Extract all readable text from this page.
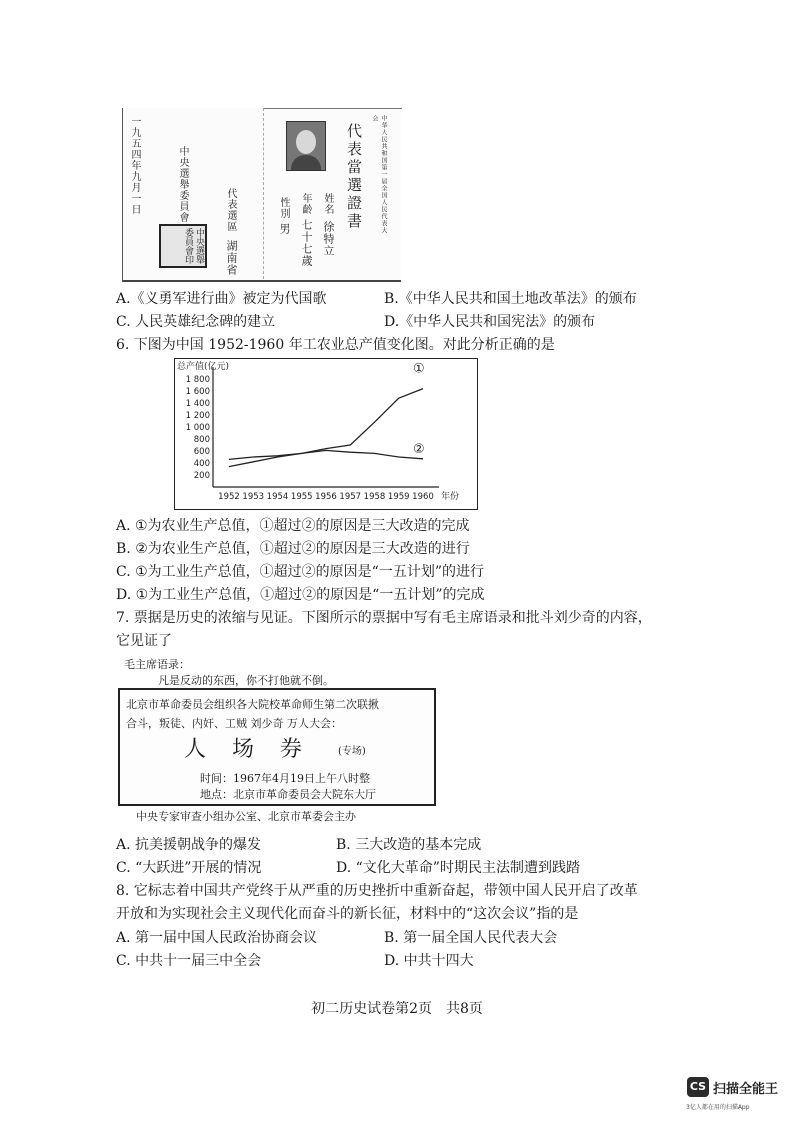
一九五四年九月一日	中央選舉委員會	代表選區
湖南省
中央選舉委員會印
代表當選證書	中华人民共和国第一届全国人民代表大会
姓名
徐特立
年齡
七十七歲
性別
男
A.《义勇军进行曲》被定为代国歌	B.《中华人民共和国土地改革法》的颁布
C. 人民英雄纪念碑的建立	D.《中华人民共和国宪法》的颁布
6. 下图为中国 1952-1960 年工农业总产值变化图。对此分析正确的是
总产值(亿元)
1 800
1 600
1 400
1 200
1 000
800
600
400
200
1952 1953 1954 1955 1956 1957 1958 1959 1960 年份
①
②
A. ①为农业生产总值，①超过②的原因是三大改造的完成
B. ②为农业生产总值，①超过②的原因是三大改造的进行
C. ①为工业生产总值，①超过②的原因是“一五计划”的进行
D. ①为工业生产总值，①超过②的原因是“一五计划”的完成
7. 票据是历史的浓缩与见证。下图所示的票据中写有毛主席语录和批斗刘少奇的内容，
它见证了
毛主席语录：
凡是反动的东西，你不打他就不倒。
北京市革命委员会组织各大院校革命师生第二次联揪
合斗，叛徒、内奸、工贼 刘少奇 万人大会：
人　场　券	(专场)
时间：1967年4月19日上午八时整
地点：北京市革命委员会大院东大厅
中央专家审查小组办公室、北京市革委会主办
A. 抗美援朝战争的爆发	B. 三大改造的基本完成
C. “大跃进”开展的情况	D. “文化大革命”时期民主法制遭到践踏
8. 它标志着中国共产党终于从严重的历史挫折中重新奋起，带领中国人民开启了改革
开放和为实现社会主义现代化而奋斗的新长征，材料中的“这次会议”指的是
A. 第一届中国人民政治协商会议	B. 第一届全国人民代表大会
C. 中共十一届三中全会	D. 中共十四大
初二历史试卷第2页　共8页
CS 扫描全能王
3亿人都在用的扫描App
